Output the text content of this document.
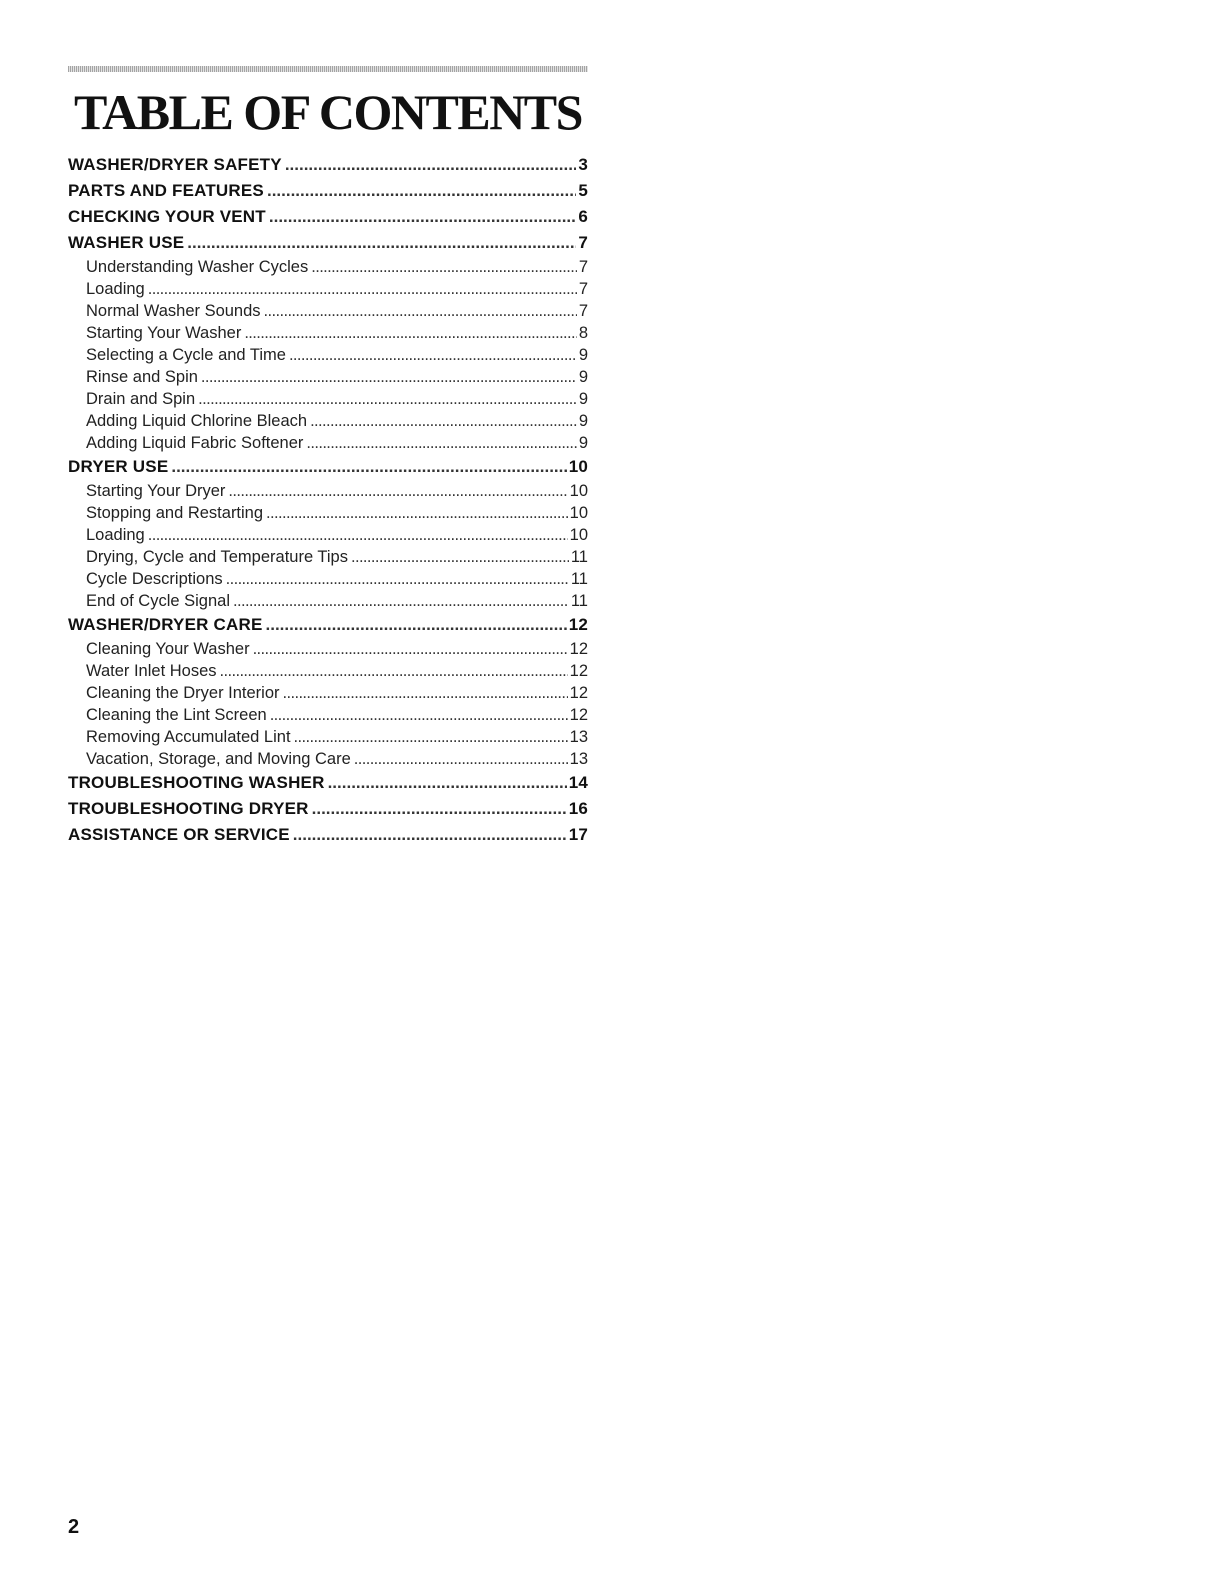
TABLE OF CONTENTS
WASHER/DRYER SAFETY .....	3
PARTS AND FEATURES .....	5
CHECKING YOUR VENT .....	6
WASHER USE .....	7
Understanding Washer Cycles .....	7
Loading .....	7
Normal Washer Sounds .....	7
Starting Your Washer .....	8
Selecting a Cycle and Time .....	9
Rinse and Spin .....	9
Drain and Spin .....	9
Adding Liquid Chlorine Bleach .....	9
Adding Liquid Fabric Softener .....	9
DRYER USE .....	10
Starting Your Dryer .....	10
Stopping and Restarting .....	10
Loading .....	10
Drying, Cycle and Temperature Tips .....	11
Cycle Descriptions .....	11
End of Cycle Signal .....	11
WASHER/DRYER CARE .....	12
Cleaning Your Washer .....	12
Water Inlet Hoses .....	12
Cleaning the Dryer Interior .....	12
Cleaning the Lint Screen .....	12
Removing Accumulated Lint .....	13
Vacation, Storage, and Moving Care .....	13
TROUBLESHOOTING WASHER .....	14
TROUBLESHOOTING DRYER .....	16
ASSISTANCE OR SERVICE .....	17
2
